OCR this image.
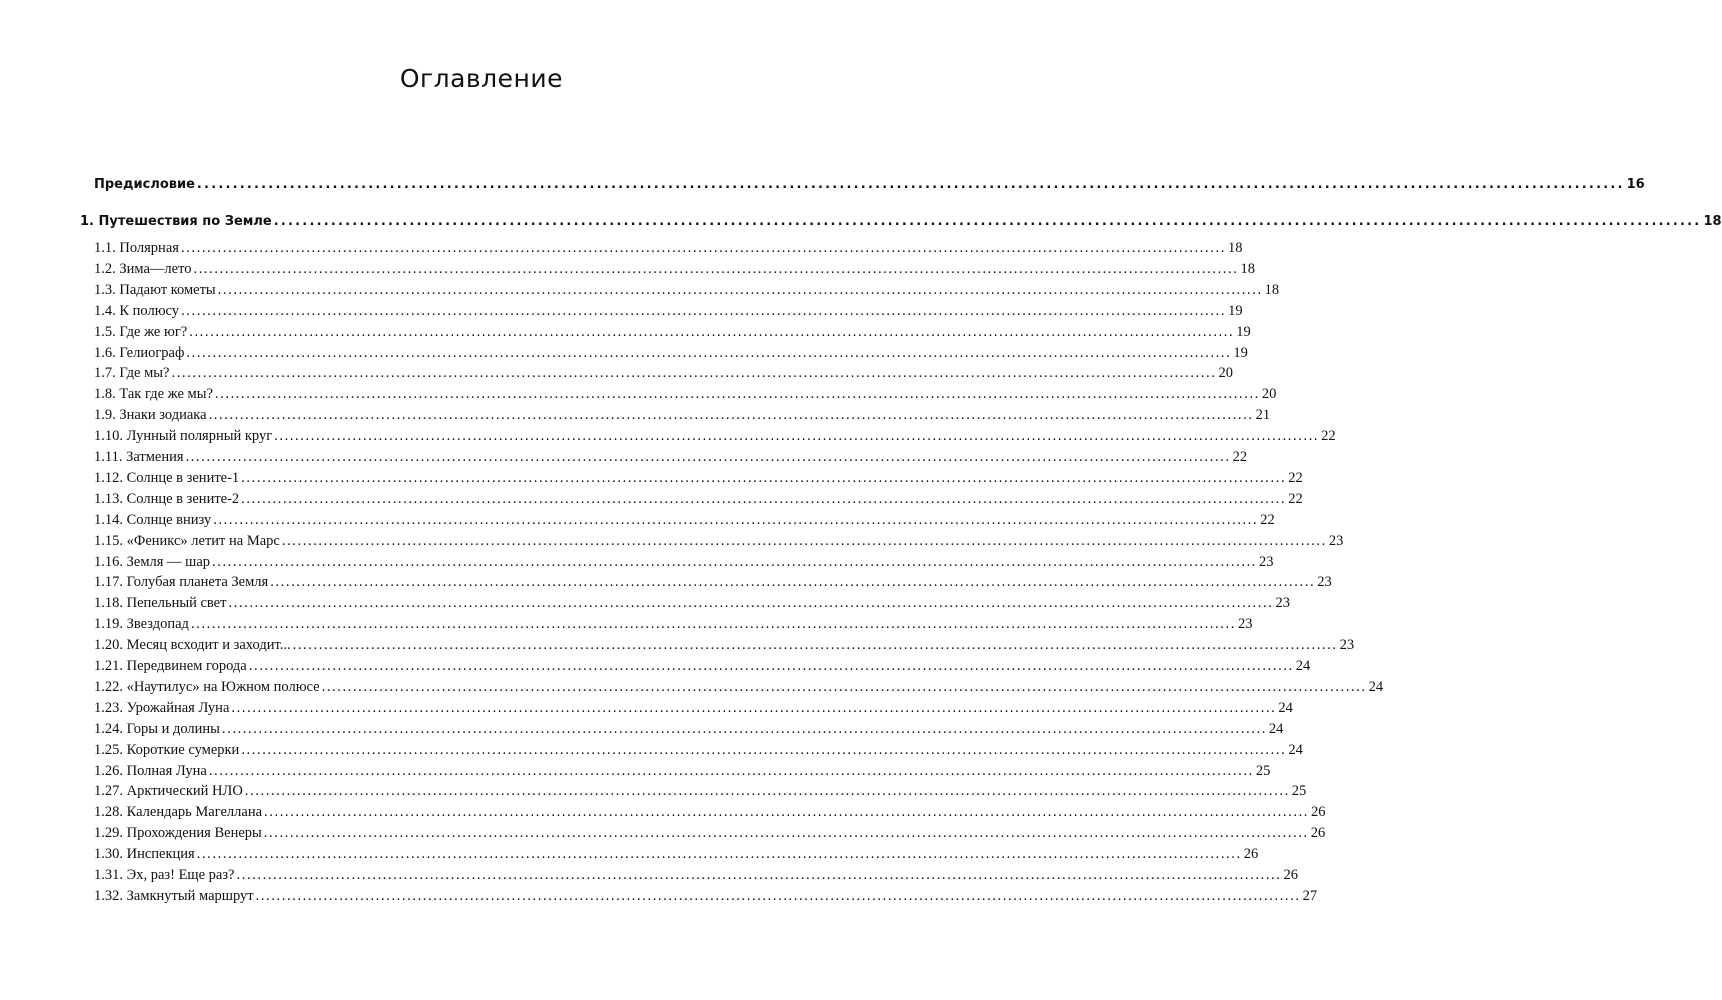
Оглавление
Предисловие ........................................................................................................................................................................................................ 16
1. Путешествия по Земле ........................................................................................................................................................................................................ 18
1.1. Полярная ........................................................................................................................................................................................................ 18
1.2. Зима—лето ........................................................................................................................................................................................................ 18
1.3. Падают кометы ........................................................................................................................................................................................................ 18
1.4. К полюсу ........................................................................................................................................................................................................ 19
1.5. Где же юг? ........................................................................................................................................................................................................ 19
1.6. Гелиограф ........................................................................................................................................................................................................ 19
1.7. Где мы? ........................................................................................................................................................................................................ 20
1.8. Так где же мы? ........................................................................................................................................................................................................ 20
1.9. Знаки зодиака ........................................................................................................................................................................................................ 21
1.10. Лунный полярный круг ........................................................................................................................................................................................................ 22
1.11. Затмения ........................................................................................................................................................................................................ 22
1.12. Солнце в зените-1 ........................................................................................................................................................................................................ 22
1.13. Солнце в зените-2 ........................................................................................................................................................................................................ 22
1.14. Солнце внизу ........................................................................................................................................................................................................ 22
1.15. «Феникс» летит на Марс ........................................................................................................................................................................................................ 23
1.16. Земля — шар ........................................................................................................................................................................................................ 23
1.17. Голубая планета Земля ........................................................................................................................................................................................................ 23
1.18. Пепельный свет ........................................................................................................................................................................................................ 23
1.19. Звездопад ........................................................................................................................................................................................................ 23
1.20. Месяц всходит и заходит... ........................................................................................................................................................................................................ 23
1.21. Передвинем города ........................................................................................................................................................................................................ 24
1.22. «Наутилус» на Южном полюсе ........................................................................................................................................................................................................ 24
1.23. Урожайная Луна ........................................................................................................................................................................................................ 24
1.24. Горы и долины ........................................................................................................................................................................................................ 24
1.25. Короткие сумерки ........................................................................................................................................................................................................ 24
1.26. Полная Луна ........................................................................................................................................................................................................ 25
1.27. Арктический НЛО ........................................................................................................................................................................................................ 25
1.28. Календарь Магеллана ........................................................................................................................................................................................................ 26
1.29. Прохождения Венеры ........................................................................................................................................................................................................ 26
1.30. Инспекция ........................................................................................................................................................................................................ 26
1.31. Эх, раз! Еще раз? ........................................................................................................................................................................................................ 26
1.32. Замкнутый маршрут ........................................................................................................................................................................................................ 27
